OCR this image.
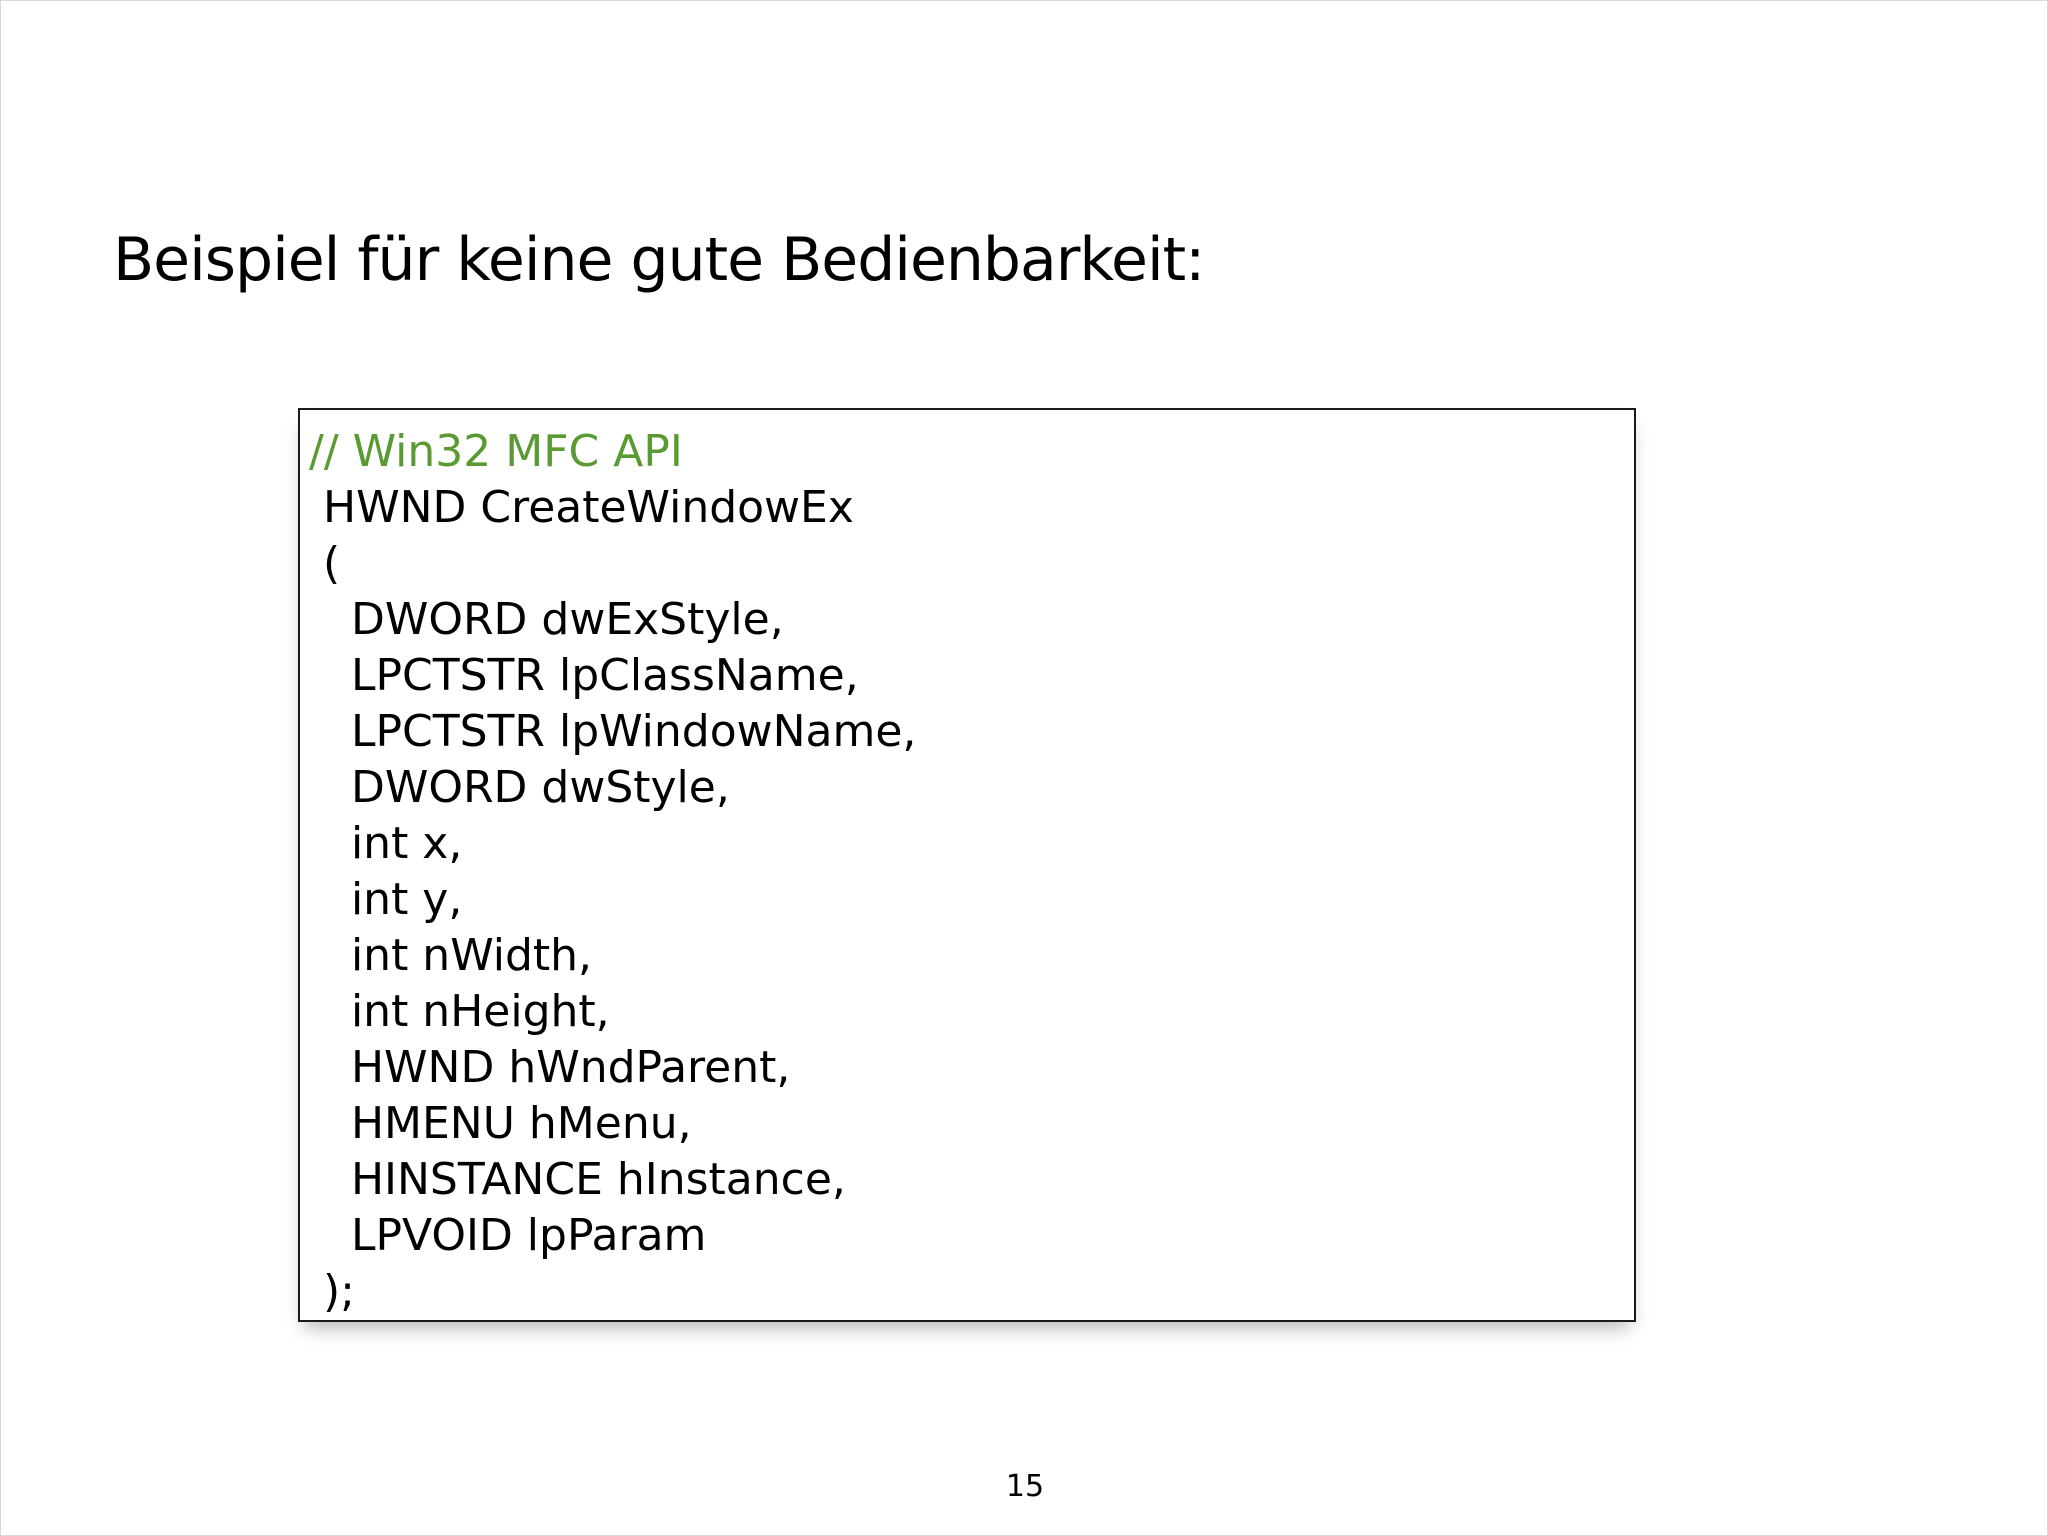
Beispiel für keine gute Bedienbarkeit:
// Win32 MFC API
HWND CreateWindowEx
(
DWORD dwExStyle,
LPCTSTR lpClassName,
LPCTSTR lpWindowName,
DWORD dwStyle,
int x,
int y,
int nWidth,
int nHeight,
HWND hWndParent,
HMENU hMenu,
HINSTANCE hInstance,
LPVOID lpParam
);
15
